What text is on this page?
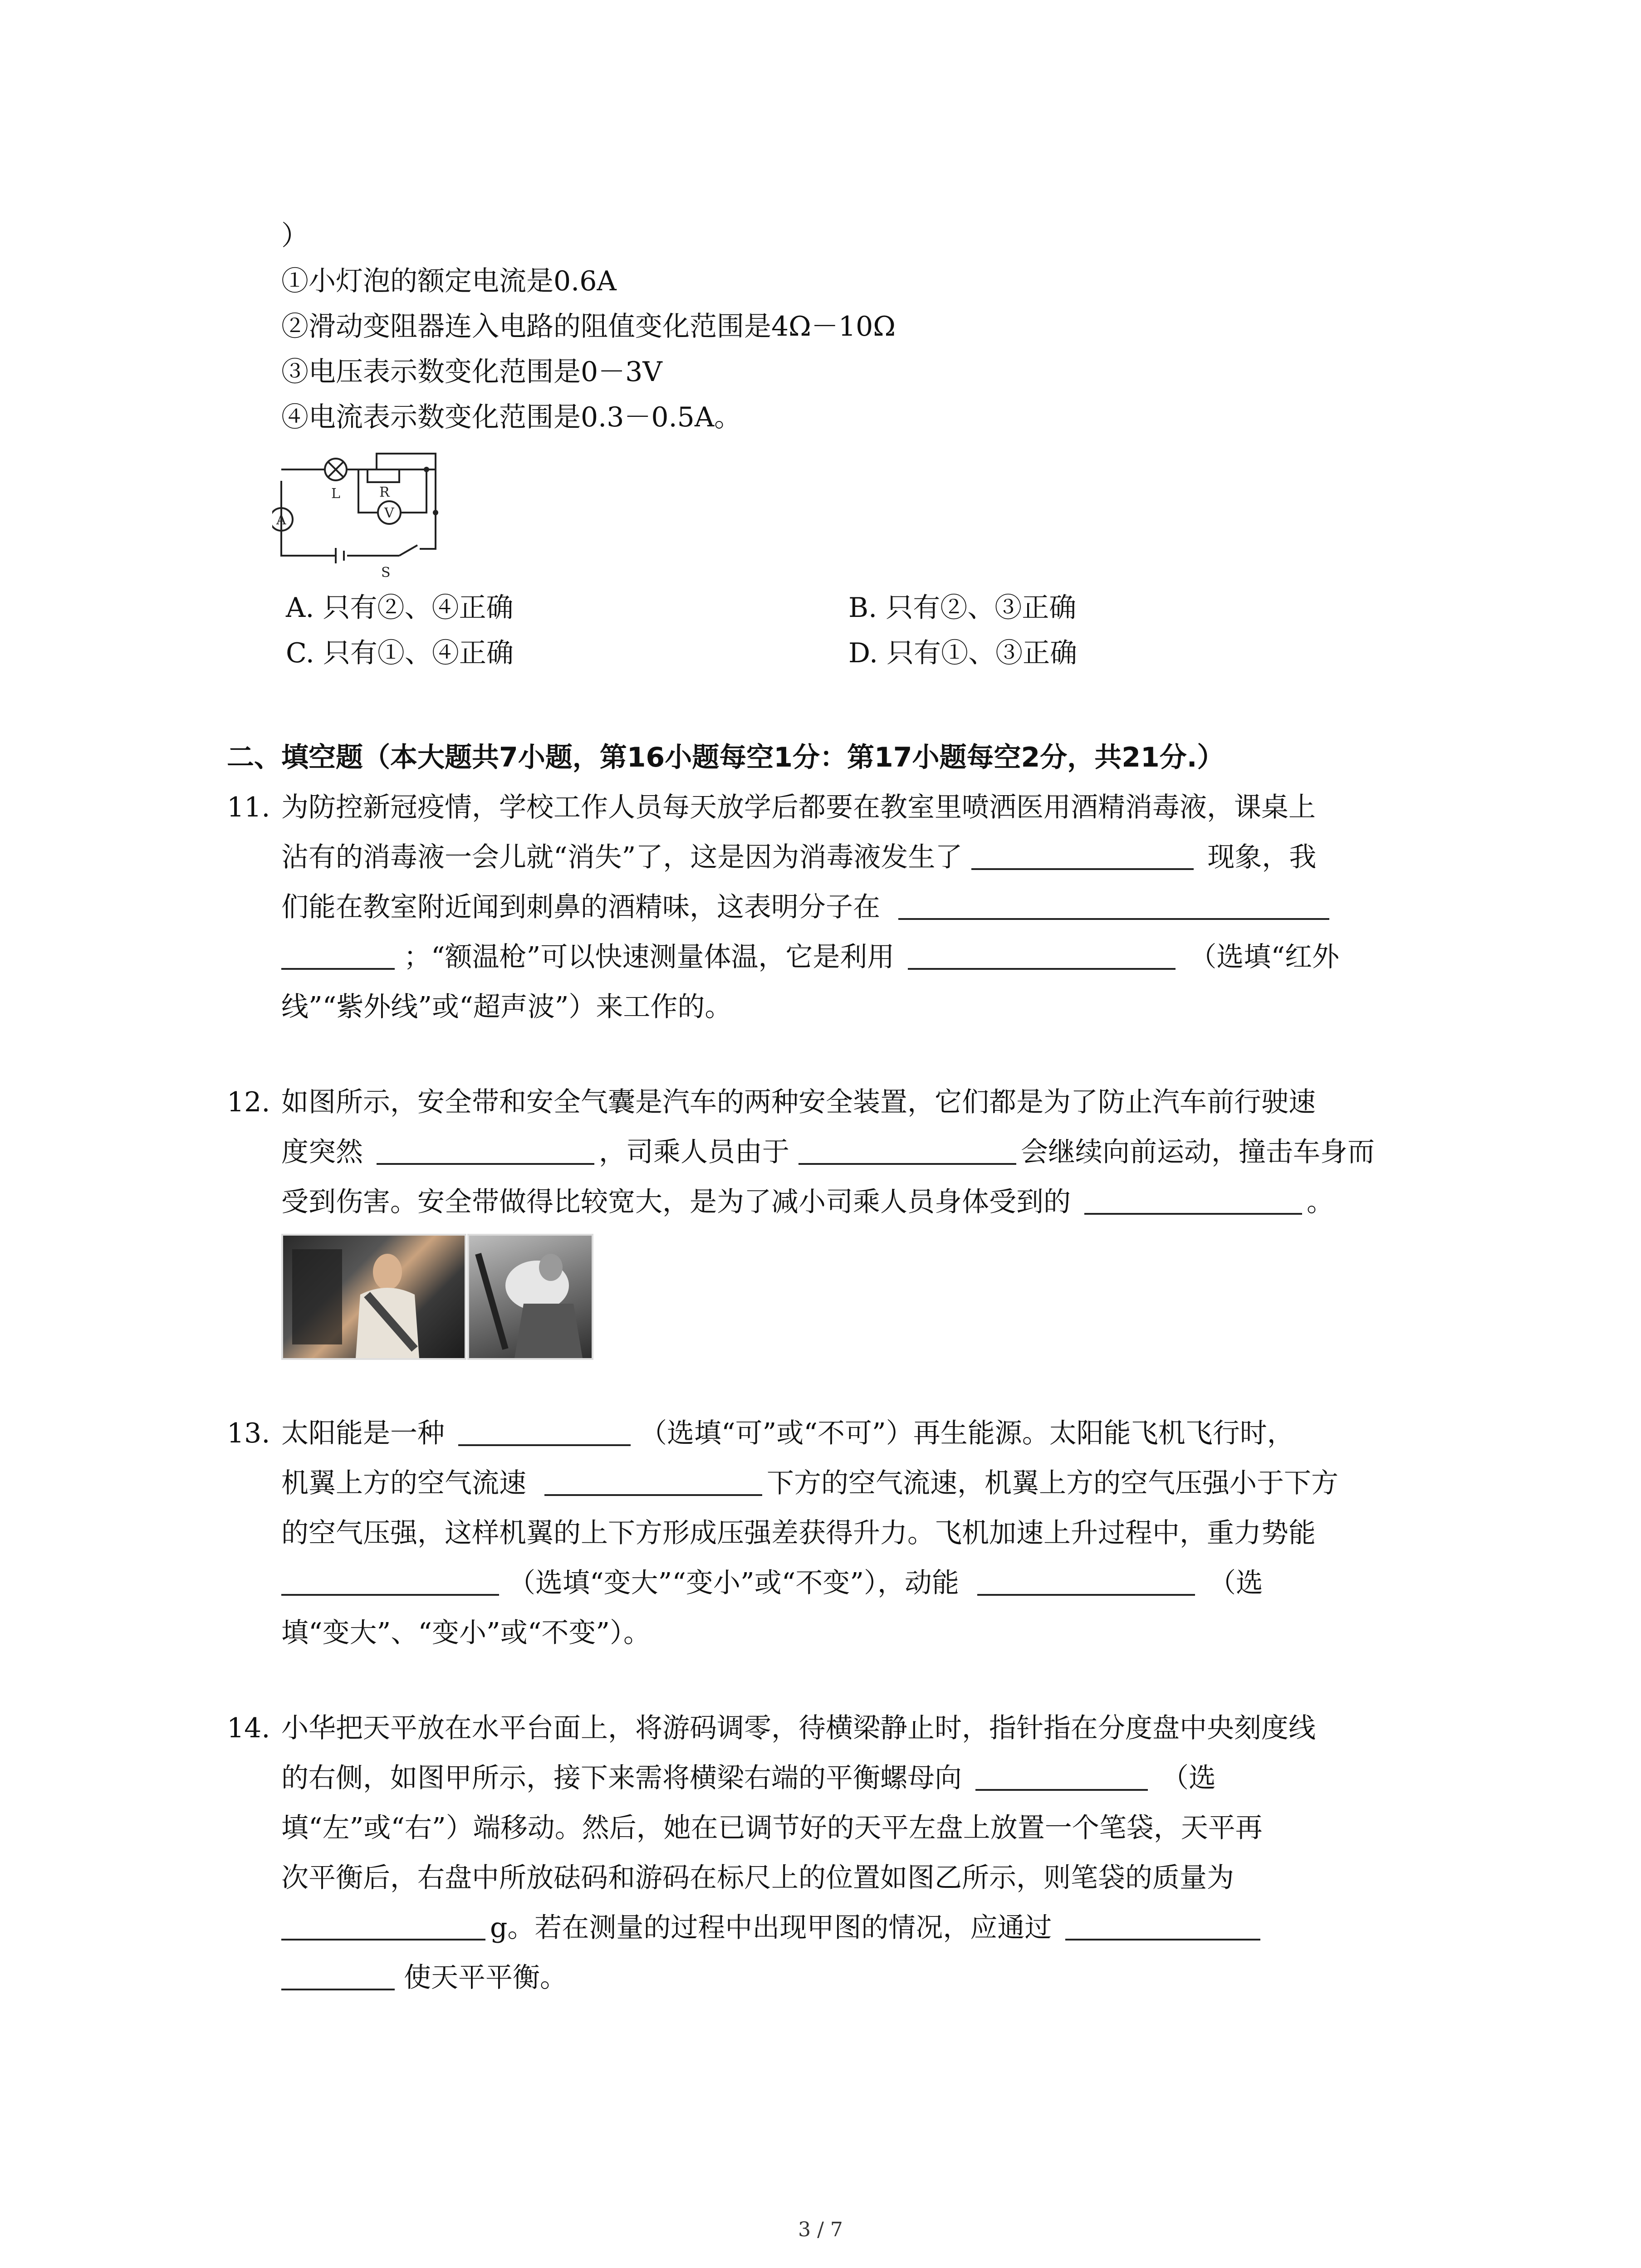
）
①小灯泡的额定电流是0.6A
②滑动变阻器连入电路的阻值变化范围是4Ω－10Ω
③电压表示数变化范围是0－3V
④电流表示数变化范围是0.3－0.5A。
L	R
V
A
S
A. 只有②、④正确	B. 只有②、③正确
C. 只有①、④正确	D. 只有①、③正确
二、填空题（本大题共7小题，第16小题每空1分：第17小题每空2分，共21分.）
11. 为防控新冠疫情，学校工作人员每天放学后都要在教室里喷洒医用酒精消毒液，课桌上
沾有的消毒液一会儿就“消失”了，这是因为消毒液发生了	现象，我
们能在教室附近闻到刺鼻的酒精味，这表明分子在
；“额温枪”可以快速测量体温，它是利用	（选填“红外
线”“紫外线”或“超声波”）来工作的。
12. 如图所示，安全带和安全气囊是汽车的两种安全装置，它们都是为了防止汽车前行驶速
度突然	，司乘人员由于	会继续向前运动，撞击车身而
受到伤害。安全带做得比较宽大，是为了减小司乘人员身体受到的	。
13. 太阳能是一种	（选填“可”或“不可”）再生能源。太阳能飞机飞行时，
机翼上方的空气流速	下方的空气流速，机翼上方的空气压强小于下方
的空气压强，这样机翼的上下方形成压强差获得升力。飞机加速上升过程中，重力势能
（选填“变大”“变小”或“不变”），动能	（选
填“变大”、“变小”或“不变”）。
14. 小华把天平放在水平台面上，将游码调零，待横梁静止时，指针指在分度盘中央刻度线
的右侧，如图甲所示，接下来需将横梁右端的平衡螺母向	（选
填“左”或“右”）端移动。然后，她在已调节好的天平左盘上放置一个笔袋，天平再
次平衡后，右盘中所放砝码和游码在标尺上的位置如图乙所示，则笔袋的质量为
g。若在测量的过程中出现甲图的情况，应通过
使天平平衡。
3 / 7
